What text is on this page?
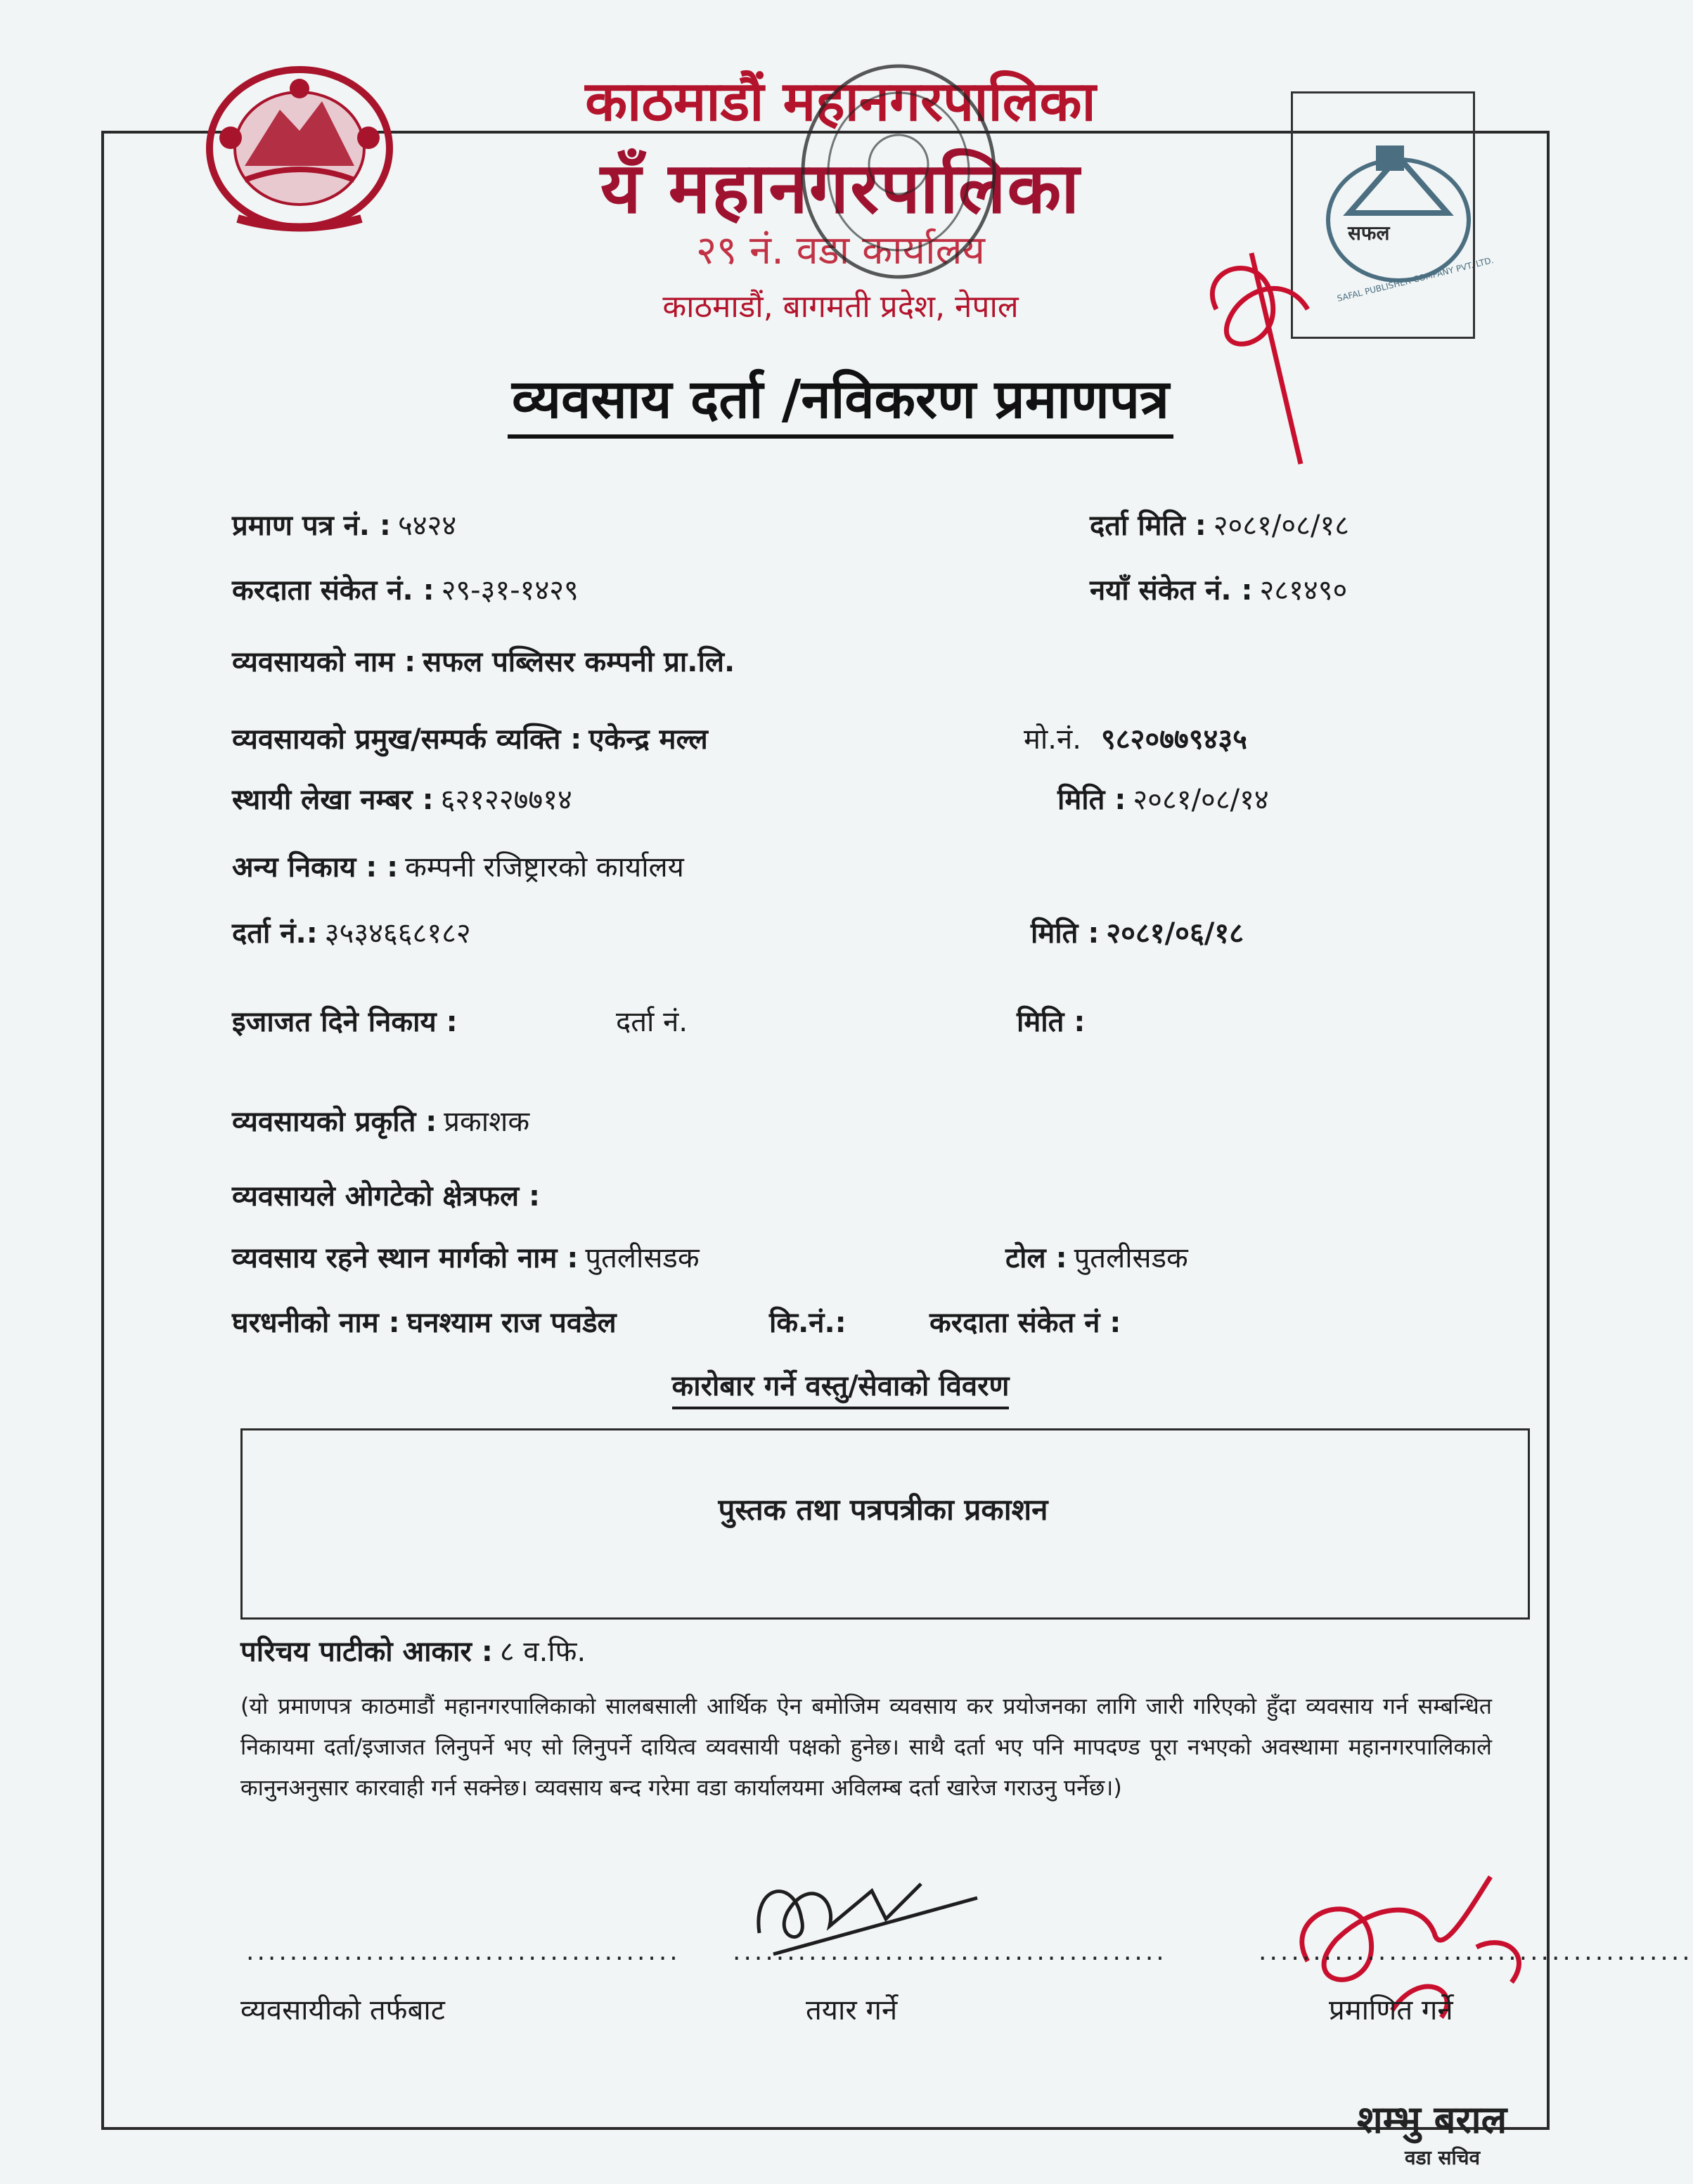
काठमाडौं महानगरपालिका
यँ महानगरपालिका
२९ नं. वडा कार्यालय
काठमाडौं, बागमती प्रदेश, नेपाल
सफल
SAFAL PUBLISHER COMPANY PVT. LTD.
व्यवसाय दर्ता /नविकरण प्रमाणपत्र
प्रमाण पत्र नं. : ५४२४	दर्ता मिति : २०८१/०८/१८
करदाता संकेत नं. : २९-३१-१४२९	नयाँ संकेत नं. : २८१४९०
व्यवसायको नाम : सफल पब्लिसर कम्पनी प्रा.लि.
व्यवसायको प्रमुख/सम्पर्क व्यक्ति : एकेन्द्र मल्ल	मो.नं. ९८२०७७९४३५
स्थायी लेखा नम्बर : ६२१२२७७१४	मिति : २०८१/०८/१४
अन्य निकाय : : कम्पनी रजिष्ट्रारको कार्यालय
दर्ता नं.: ३५३४६६८१८२	मिति : २०८१/०६/१८
इजाजत दिने निकाय :	दर्ता नं.	मिति :
व्यवसायको प्रकृति : प्रकाशक
व्यवसायले ओगटेको क्षेत्रफल :
व्यवसाय रहने स्थान मार्गको नाम : पुतलीसडक	टोल : पुतलीसडक
घरधनीको नाम : घनश्याम राज पवडेल	कि.नं.:	करदाता संकेत नं :
कारोबार गर्ने वस्तु/सेवाको विवरण
पुस्तक तथा पत्रपत्रीका प्रकाशन
परिचय पाटीको आकार : ८ व.फि.
(यो प्रमाणपत्र काठमाडौं महानगरपालिकाको सालबसाली आर्थिक ऐन बमोजिम व्यवसाय कर प्रयोजनका लागि जारी गरिएको हुँदा व्यवसाय गर्न सम्बन्धित निकायमा दर्ता/इजाजत लिनुपर्ने भए सो लिनुपर्ने दायित्व व्यवसायी पक्षको हुनेछ। साथै दर्ता भए पनि मापदण्ड पूरा नभएको अवस्थामा महानगरपालिकाले कानुनअनुसार कारवाही गर्न सक्नेछ। व्यवसाय बन्द गरेमा वडा कार्यालयमा अविलम्ब दर्ता खारेज गराउनु पर्नेछ।)
........................................
व्यवसायीको तर्फबाट
........................................
तयार गर्ने
........................................
प्रमाणित गर्ने
शम्भु बराल
वडा सचिव
